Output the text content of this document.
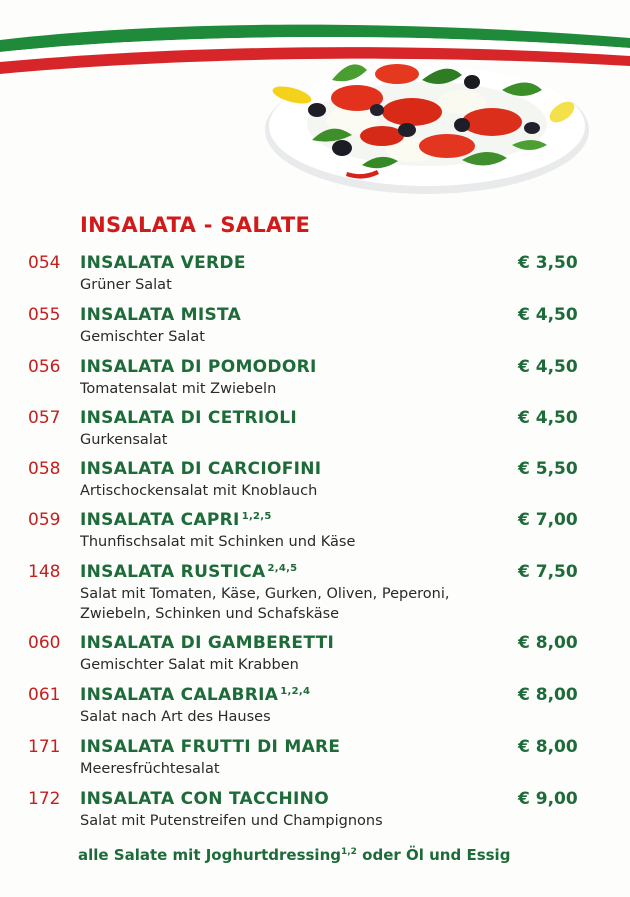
INSALATA - SALATE
054 INSALATA VERDE
Grüner Salat
€ 3,50
055 INSALATA MISTA
Gemischter Salat
€ 4,50
056 INSALATA DI POMODORI
Tomatensalat mit Zwiebeln
€ 4,50
057 INSALATA DI CETRIOLI
Gurkensalat
€ 4,50
058 INSALATA DI CARCIOFINI
Artischockensalat mit Knoblauch
€ 5,50
059 INSALATA CAPRI $^{1,2,5}$
Thunfischsalat mit Schinken und Käse
€ 7,00
148 INSALATA RUSTICA $^{2,4,5}$
Salat mit Tomaten, Käse, Gurken, Oliven, Peperoni, Zwiebeln, Schinken und Schafskäse
€ 7,50
060 INSALATA DI GAMBERETTI
Gemischter Salat mit Krabben
€ 8,00
061 INSALATA CALABRIA $^{1,2,4}$
Salat nach Art des Hauses
€ 8,00
171 INSALATA FRUTTI DI MARE
Meeresfrüchtesalat
€ 8,00
172 INSALATA CON TACCHINO
Salat mit Putenstreifen und Champignons
€ 9,00
alle Salate mit Joghurtdressing$^{1,2}$ oder Öl und Essig
